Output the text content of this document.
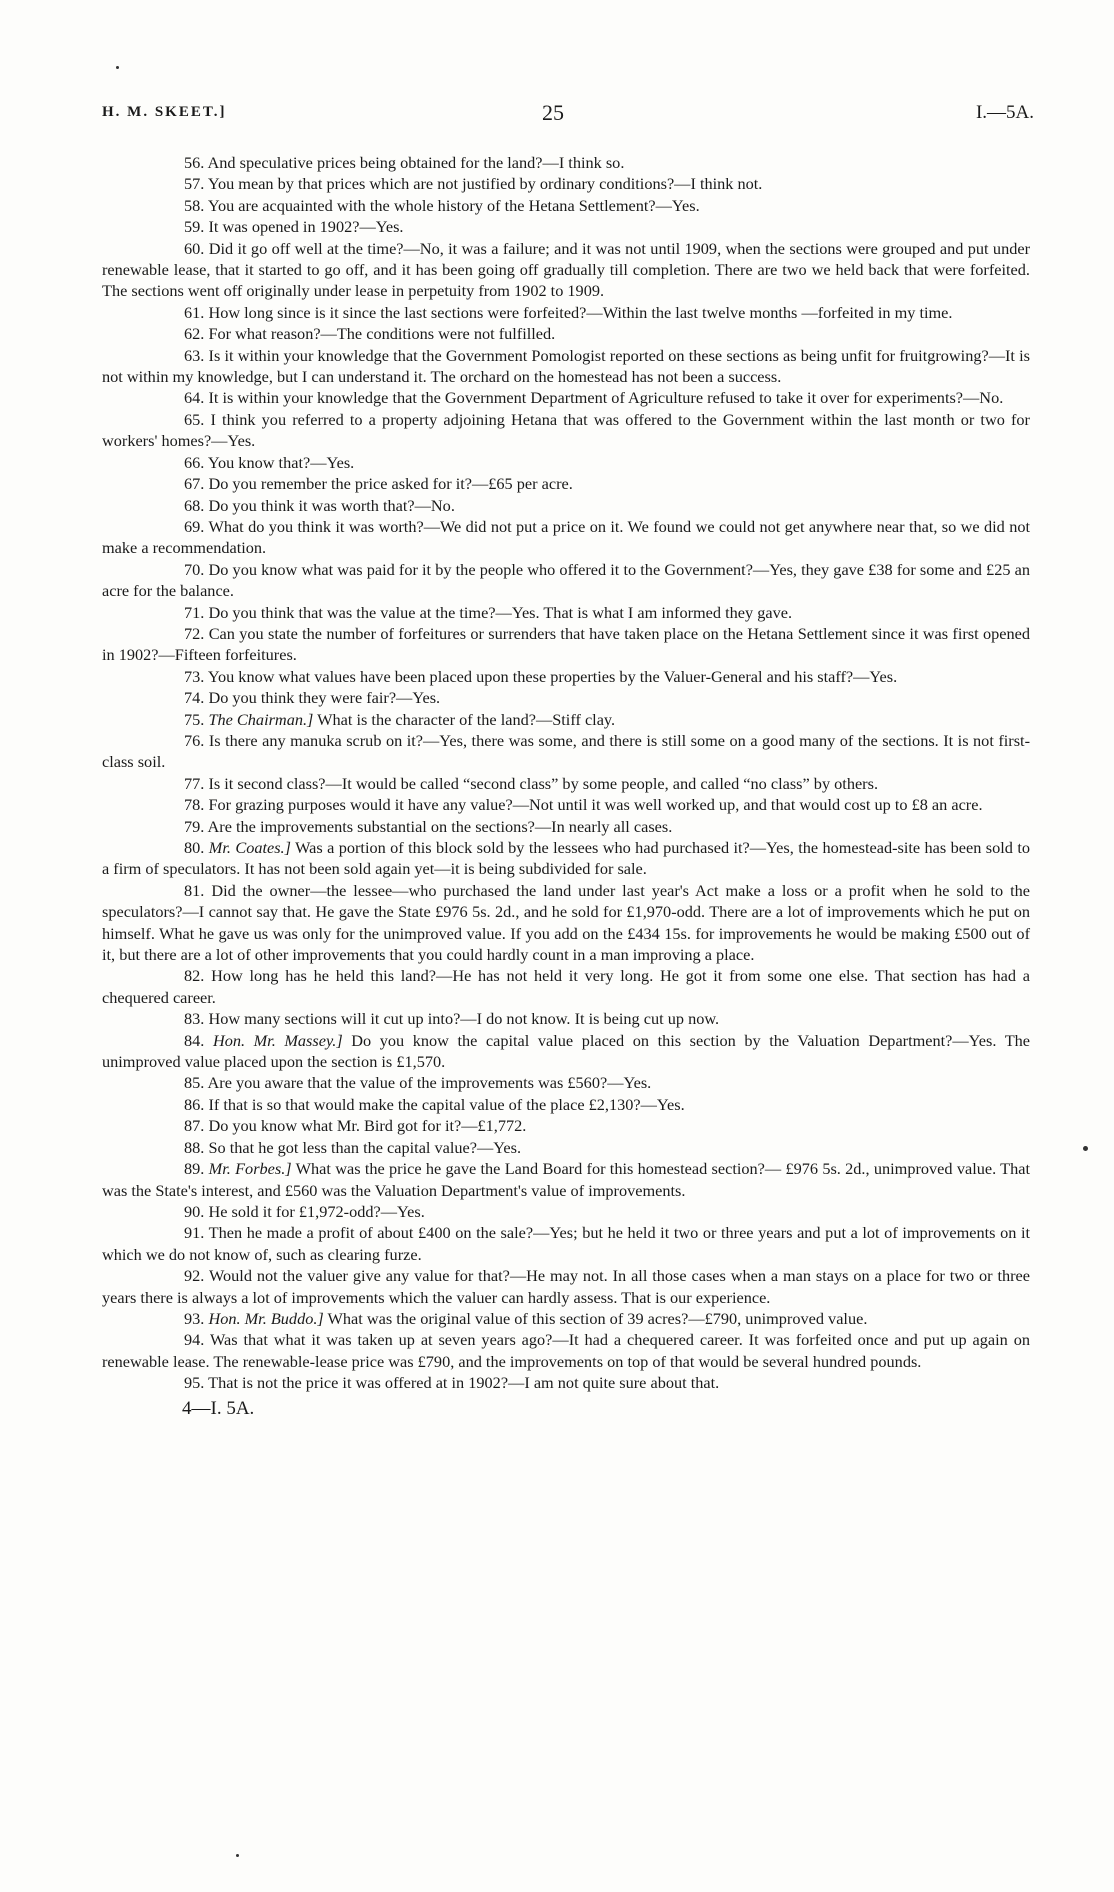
H. M. SKEET.]	25	I.—5A.

56. And speculative prices being obtained for the land?—I think so.

57. You mean by that prices which are not justified by ordinary conditions?—I think not.

58. You are acquainted with the whole history of the Hetana Settlement?—Yes.

59. It was opened in 1902?—Yes.

60. Did it go off well at the time?—No, it was a failure; and it was not until 1909, when the sections were grouped and put under renewable lease, that it started to go off, and it has been going off gradually till completion. There are two we held back that were forfeited. The sections went off originally under lease in perpetuity from 1902 to 1909.

61. How long since is it since the last sections were forfeited?—Within the last twelve months —forfeited in my time.

62. For what reason?—The conditions were not fulfilled.

63. Is it within your knowledge that the Government Pomologist reported on these sections as being unfit for fruitgrowing?—It is not within my knowledge, but I can understand it. The orchard on the homestead has not been a success.

64. It is within your knowledge that the Government Department of Agriculture refused to take it over for experiments?—No.

65. I think you referred to a property adjoining Hetana that was offered to the Government within the last month or two for workers' homes?—Yes.

66. You know that?—Yes.

67. Do you remember the price asked for it?—£65 per acre.

68. Do you think it was worth that?—No.

69. What do you think it was worth?—We did not put a price on it. We found we could not get anywhere near that, so we did not make a recommendation.

70. Do you know what was paid for it by the people who offered it to the Government?—Yes, they gave £38 for some and £25 an acre for the balance.

71. Do you think that was the value at the time?—Yes. That is what I am informed they gave.

72. Can you state the number of forfeitures or surrenders that have taken place on the Hetana Settlement since it was first opened in 1902?—Fifteen forfeitures.

73. You know what values have been placed upon these properties by the Valuer-General and his staff?—Yes.

74. Do you think they were fair?—Yes.

75. The Chairman.] What is the character of the land?—Stiff clay.

76. Is there any manuka scrub on it?—Yes, there was some, and there is still some on a good many of the sections. It is not first-class soil.

77. Is it second class?—It would be called “second class” by some people, and called “no class” by others.

78. For grazing purposes would it have any value?—Not until it was well worked up, and that would cost up to £8 an acre.

79. Are the improvements substantial on the sections?—In nearly all cases.

80. Mr. Coates.] Was a portion of this block sold by the lessees who had purchased it?—Yes, the homestead-site has been sold to a firm of speculators. It has not been sold again yet—it is being subdivided for sale.

81. Did the owner—the lessee—who purchased the land under last year's Act make a loss or a profit when he sold to the speculators?—I cannot say that. He gave the State £976 5s. 2d., and he sold for £1,970-odd. There are a lot of improvements which he put on himself. What he gave us was only for the unimproved value. If you add on the £434 15s. for improvements he would be making £500 out of it, but there are a lot of other improvements that you could hardly count in a man improving a place.

82. How long has he held this land?—He has not held it very long. He got it from some one else. That section has had a chequered career.

83. How many sections will it cut up into?—I do not know. It is being cut up now.

84. Hon. Mr. Massey.] Do you know the capital value placed on this section by the Valuation Department?—Yes. The unimproved value placed upon the section is £1,570.

85. Are you aware that the value of the improvements was £560?—Yes.

86. If that is so that would make the capital value of the place £2,130?—Yes.

87. Do you know what Mr. Bird got for it?—£1,772.

88. So that he got less than the capital value?—Yes.

89. Mr. Forbes.] What was the price he gave the Land Board for this homestead section?— £976 5s. 2d., unimproved value. That was the State's interest, and £560 was the Valuation Department's value of improvements.

90. He sold it for £1,972-odd?—Yes.

91. Then he made a profit of about £400 on the sale?—Yes; but he held it two or three years and put a lot of improvements on it which we do not know of, such as clearing furze.

92. Would not the valuer give any value for that?—He may not. In all those cases when a man stays on a place for two or three years there is always a lot of improvements which the valuer can hardly assess. That is our experience.

93. Hon. Mr. Buddo.] What was the original value of this section of 39 acres?—£790, unimproved value.

94. Was that what it was taken up at seven years ago?—It had a chequered career. It was forfeited once and put up again on renewable lease. The renewable-lease price was £790, and the improvements on top of that would be several hundred pounds.

95. That is not the price it was offered at in 1902?—I am not quite sure about that.

4—I. 5A.
